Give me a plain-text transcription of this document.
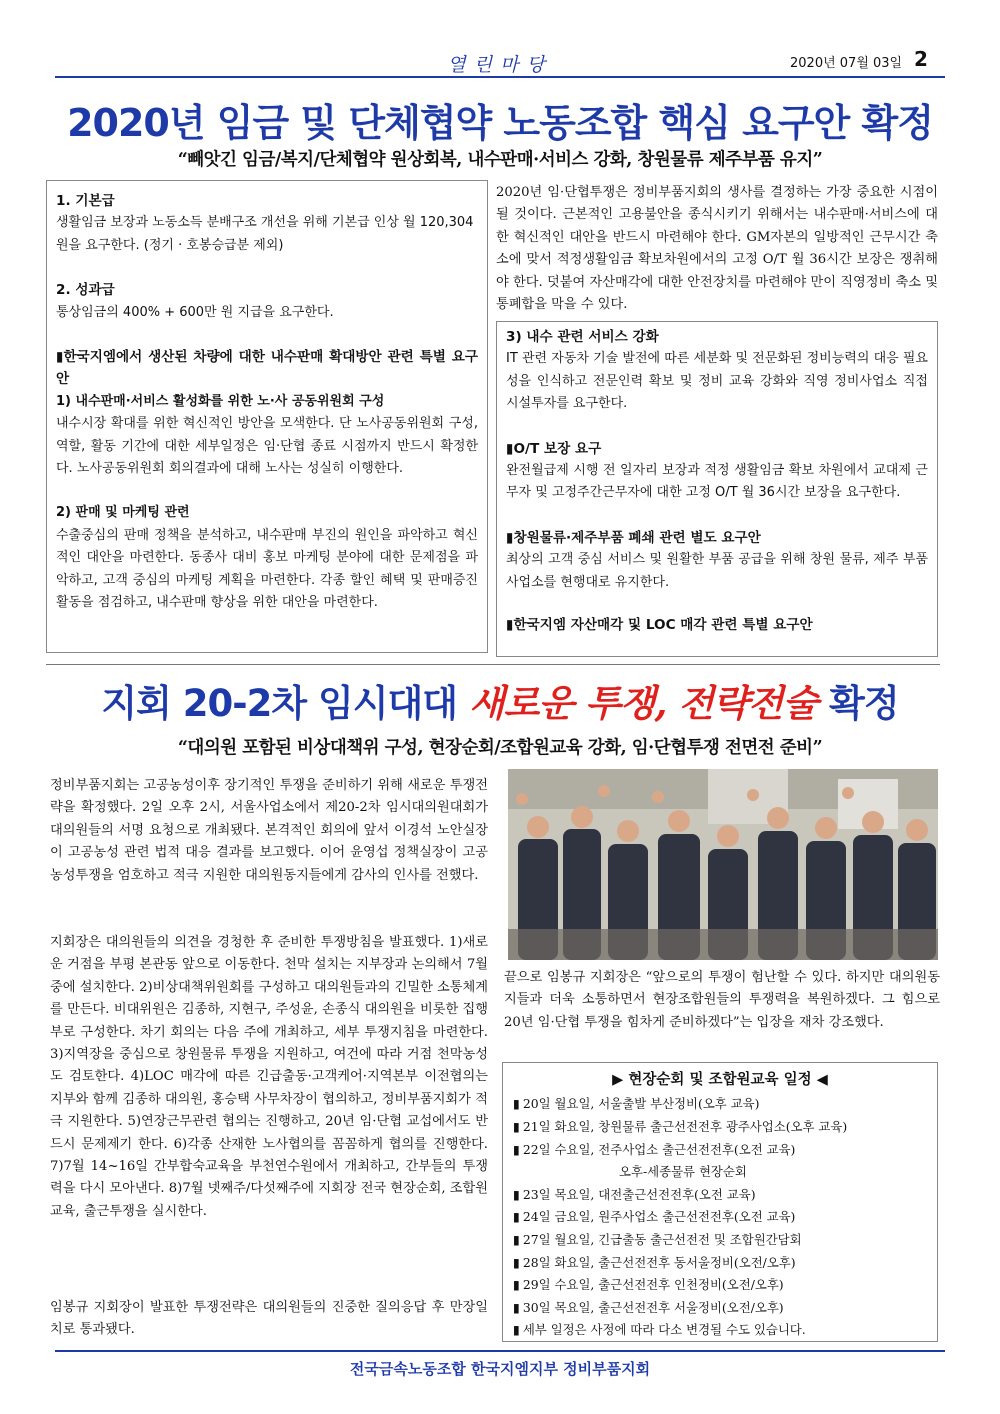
열린마당	2020년 07월 03일 2
2020년 임금 및 단체협약 노동조합 핵심 요구안 확정
“빼앗긴 임금/복지/단체협약 원상회복, 내수판매·서비스 강화, 창원물류 제주부품 유지”
1. 기본급
생활임금 보장과 노동소득 분배구조 개선을 위해 기본급 인상 월 120,304원을 요구한다. (정기 · 호봉승급분 제외)
2. 성과급
통상임금의 400% + 600만 원 지급을 요구한다.
▮한국지엠에서 생산된 차량에 대한 내수판매 확대방안 관련 특별 요구안
1) 내수판매·서비스 활성화를 위한 노·사 공동위원회 구성
내수시장 확대를 위한 혁신적인 방안을 모색한다. 단 노사공동위원회 구성, 역할, 활동 기간에 대한 세부일정은 임·단협 종료 시점까지 반드시 확정한다. 노사공동위원회 회의결과에 대해 노사는 성실히 이행한다.
2) 판매 및 마케팅 관련
수출중심의 판매 정책을 분석하고, 내수판매 부진의 원인을 파악하고 혁신적인 대안을 마련한다. 동종사 대비 홍보 마케팅 분야에 대한 문제점을 파악하고, 고객 중심의 마케팅 계획을 마련한다. 각종 할인 혜택 및 판매증진 활동을 점검하고, 내수판매 향상을 위한 대안을 마련한다.
2020년 임·단협투쟁은 정비부품지회의 생사를 결정하는 가장 중요한 시점이 될 것이다. 근본적인 고용불안을 종식시키기 위해서는 내수판매·서비스에 대한 혁신적인 대안을 반드시 마련해야 한다. GM자본의 일방적인 근무시간 축소에 맞서 적정생활임금 확보차원에서의 고정 O/T 월 36시간 보장은 쟁취해야 한다. 덧붙여 자산매각에 대한 안전장치를 마련해야 만이 직영정비 축소 및 통폐합을 막을 수 있다.
3) 내수 관련 서비스 강화
IT 관련 자동차 기술 발전에 따른 세분화 및 전문화된 정비능력의 대응 필요성을 인식하고 전문인력 확보 및 정비 교육 강화와 직영 정비사업소 직접 시설투자를 요구한다.
▮O/T 보장 요구
완전월급제 시행 전 일자리 보장과 적정 생활임금 확보 차원에서 교대제 근무자 및 고정주간근무자에 대한 고정 O/T 월 36시간 보장을 요구한다.
▮창원물류·제주부품 폐쇄 관련 별도 요구안
최상의 고객 중심 서비스 및 원활한 부품 공급을 위해 창원 물류, 제주 부품사업소를 현행대로 유지한다.
▮한국지엠 자산매각 및 LOC 매각 관련 특별 요구안
지회 20-2차 임시대대 새로운 투쟁, 전략전술 확정
“대의원 포함된 비상대책위 구성, 현장순회/조합원교육 강화, 임·단협투쟁 전면전 준비”
정비부품지회는 고공농성이후 장기적인 투쟁을 준비하기 위해 새로운 투쟁전략을 확정했다. 2일 오후 2시, 서울사업소에서 제20-2차 임시대의원대회가 대의원들의 서명 요청으로 개최됐다. 본격적인 회의에 앞서 이경석 노안실장이 고공농성 관련 법적 대응 결과를 보고했다. 이어 윤영섭 정책실장이 고공농성투쟁을 엄호하고 적극 지원한 대의원동지들에게 감사의 인사를 전했다.
지회장은 대의원들의 의견을 경청한 후 준비한 투쟁방침을 발표했다. 1)새로운 거점을 부평 본관동 앞으로 이동한다. 천막 설치는 지부장과 논의해서 7월중에 설치한다. 2)비상대책위원회를 구성하고 대의원들과의 긴밀한 소통체계를 만든다. 비대위원은 김종하, 지현구, 주성윤, 손종식 대의원을 비롯한 집행부로 구성한다. 차기 회의는 다음 주에 개최하고, 세부 투쟁지침을 마련한다. 3)지역장을 중심으로 창원물류 투쟁을 지원하고, 여건에 따라 거점 천막농성도 검토한다. 4)LOC 매각에 따른 긴급출동·고객케어·지역본부 이전협의는 지부와 함께 김종하 대의원, 홍승택 사무차장이 협의하고, 정비부품지회가 적극 지원한다. 5)연장근무관련 협의는 진행하고, 20년 임·단협 교섭에서도 반드시 문제제기 한다. 6)각종 산재한 노사협의를 꼼꼼하게 협의를 진행한다. 7)7월 14~16일 간부합숙교육을 부천연수원에서 개최하고, 간부들의 투쟁력을 다시 모아낸다. 8)7월 넷째주/다섯째주에 지회장 전국 현장순회, 조합원교육, 출근투쟁을 실시한다.
임봉규 지회장이 발표한 투쟁전략은 대의원들의 진중한 질의응답 후 만장일치로 통과됐다.
끝으로 임봉규 지회장은 “앞으로의 투쟁이 험난할 수 있다. 하지만 대의원동지들과 더욱 소통하면서 현장조합원들의 투쟁력을 복원하겠다. 그 힘으로 20년 임·단협 투쟁을 힘차게 준비하겠다”는 입장을 재차 강조했다.
▶ 현장순회 및 조합원교육 일정 ◀
▮ 20일 월요일, 서울출발 부산정비(오후 교육)
▮ 21일 화요일, 창원물류 출근선전전후 광주사업소(오후 교육)
▮ 22일 수요일, 전주사업소 출근선전전후(오전 교육)
오후-세종물류 현장순회
▮ 23일 목요일, 대전출근선전전후(오전 교육)
▮ 24일 금요일, 원주사업소 출근선전전후(오전 교육)
▮ 27일 월요일, 긴급출동 출근선전전 및 조합원간담회
▮ 28일 화요일, 출근선전전후 동서울정비(오전/오후)
▮ 29일 수요일, 출근선전전후 인천정비(오전/오후)
▮ 30일 목요일, 출근선전전후 서울정비(오전/오후)
▮ 세부 일정은 사정에 따라 다소 변경될 수도 있습니다.
전국금속노동조합 한국지엠지부 정비부품지회
